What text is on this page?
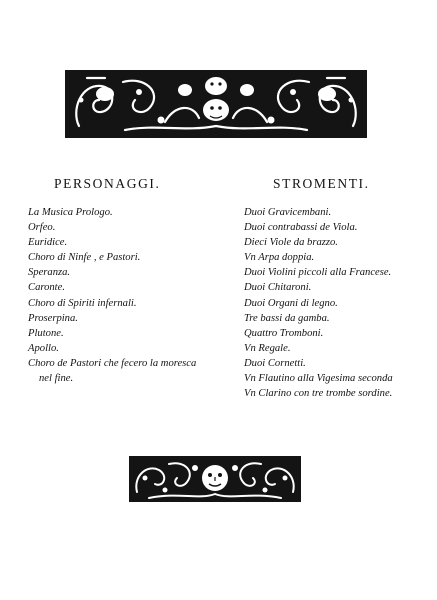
PERSONAGGI.	STROMENTI.
La Musica Prologo.
Orfeo.
Euridice.
Choro di Ninfe , e Pastori.
Speranza.
Caronte.
Choro di Spiriti infernali.
Proserpina.
Plutone.
Apollo.
Choro de Pastori che fecero la moresca
nel fine.
Duoi Gravicembani.
Duoi contrabassi de Viola.
Dieci Viole da brazzo.
Vn Arpa doppia.
Duoi Violini piccoli alla Francese.
Duoi Chitaroni.
Duoi Organi di legno.
Tre bassi da gamba.
Quattro Tromboni.
Vn Regale.
Duoi Cornetti.
Vn Flautino alla Vigesima seconda
Vn Clarino con tre trombe sordine.
